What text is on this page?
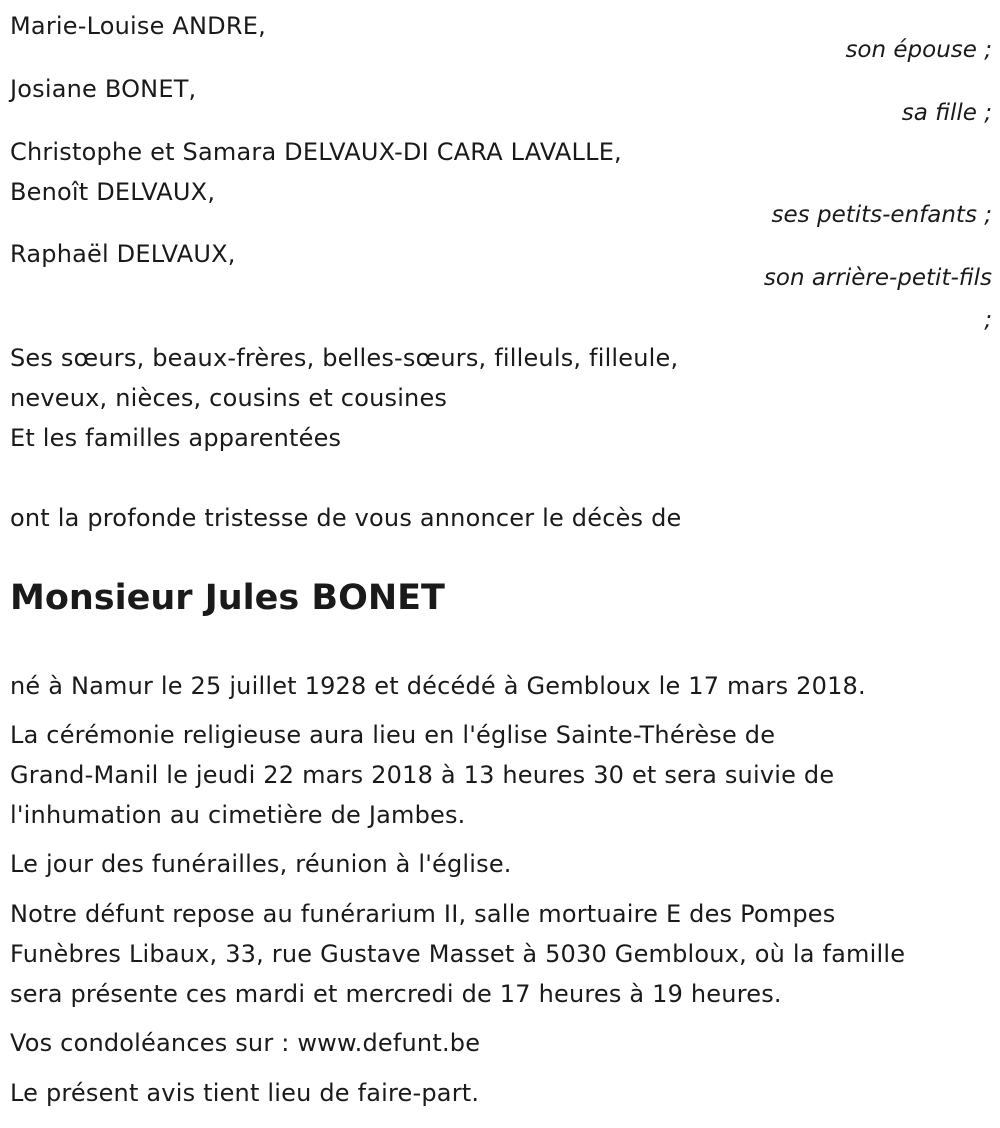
Marie-Louise ANDRE,
son épouse ;
Josiane BONET,
sa fille ;
Christophe et Samara DELVAUX-DI CARA LAVALLE,
Benoît DELVAUX,
ses petits-enfants ;
Raphaël DELVAUX,
son arrière-petit-fils
;
Ses sœurs, beaux-frères, belles-sœurs, filleuls, filleule,
neveux, nièces, cousins et cousines
Et les familles apparentées
ont la profonde tristesse de vous annoncer le décès de
Monsieur Jules BONET
né à Namur le 25 juillet 1928 et décédé à Gembloux le 17 mars 2018.
La cérémonie religieuse aura lieu en l'église Sainte-Thérèse de
Grand-Manil le jeudi 22 mars 2018 à 13 heures 30 et sera suivie de
l'inhumation au cimetière de Jambes.
Le jour des funérailles, réunion à l'église.
Notre défunt repose au funérarium II, salle mortuaire E des Pompes
Funèbres Libaux, 33, rue Gustave Masset à 5030 Gembloux, où la famille
sera présente ces mardi et mercredi de 17 heures à 19 heures.
Vos condoléances sur : www.defunt.be
Le présent avis tient lieu de faire-part.
